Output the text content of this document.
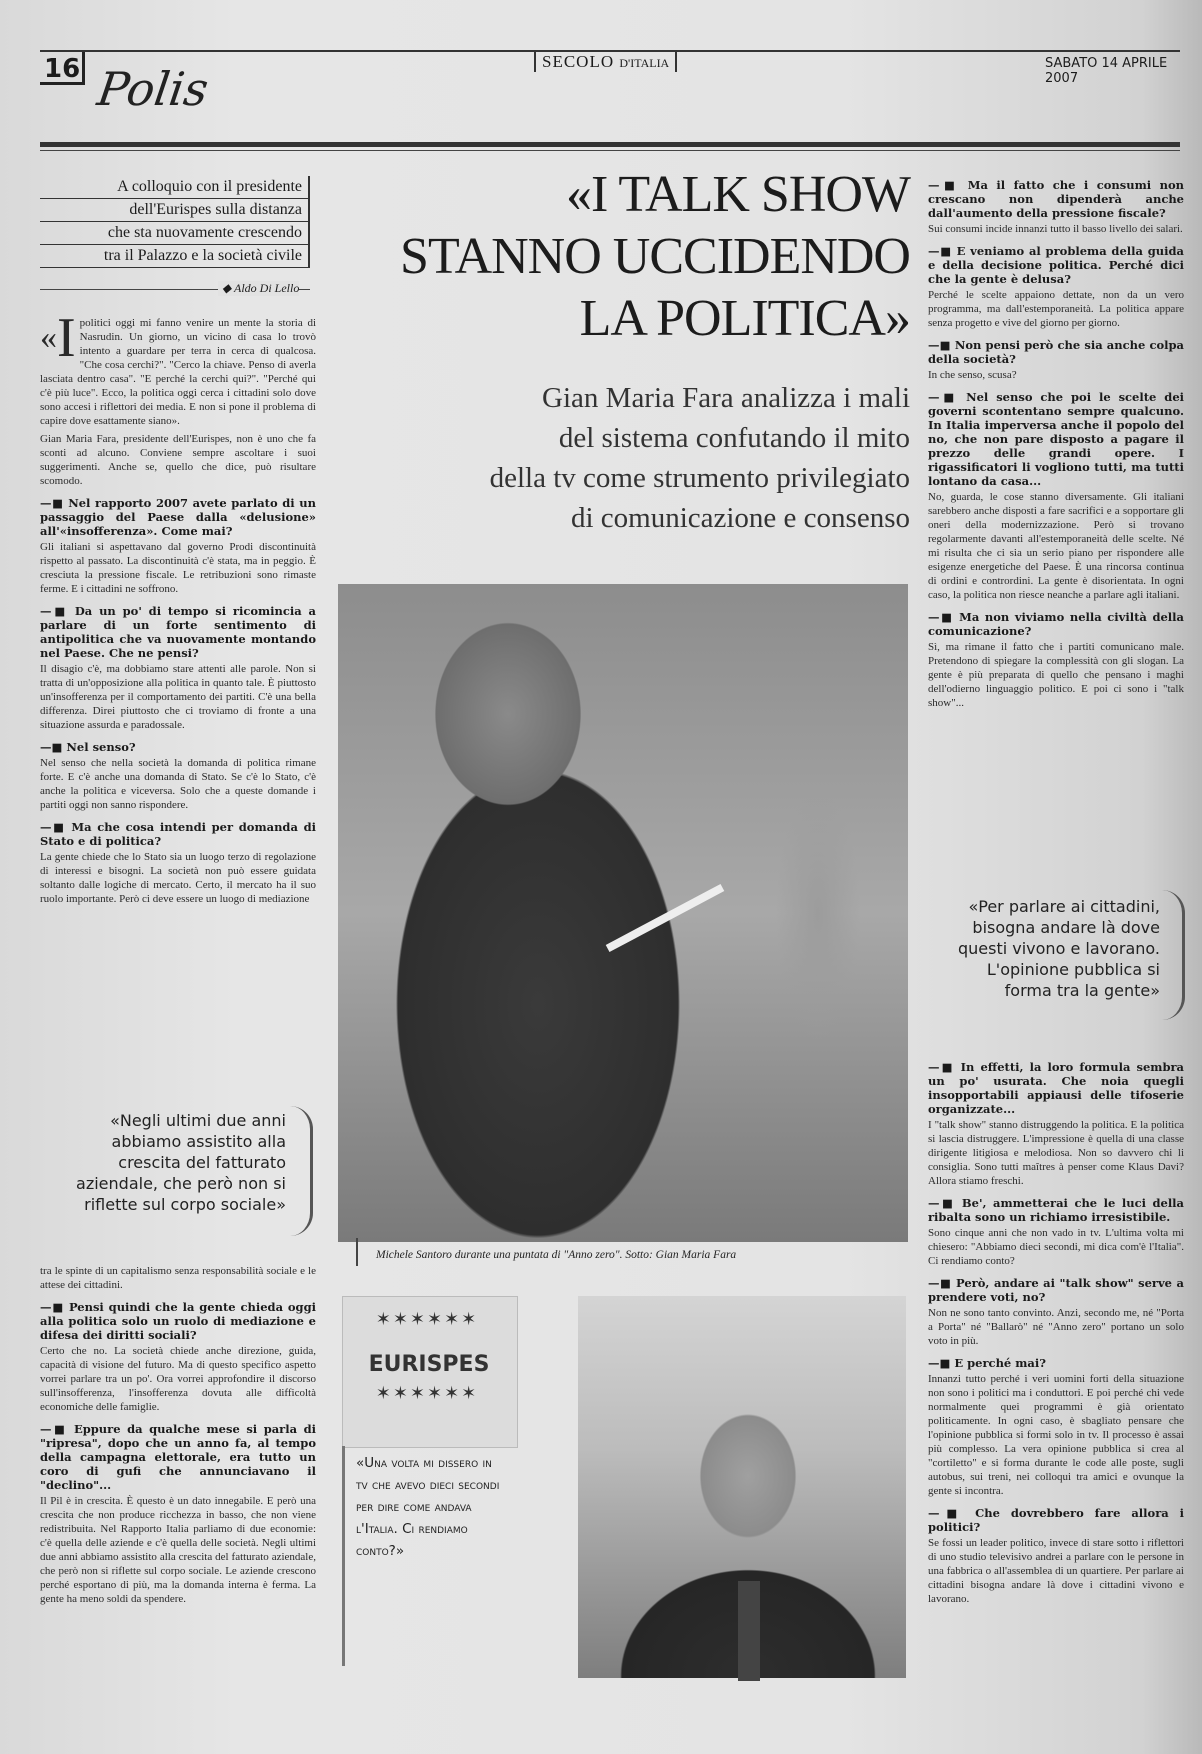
16	SECOLO D'ITALIA	SABATO 14 APRILE 2007
Polis
A colloquio con il presidente
dell'Eurispes sulla distanza
che sta nuovamente crescendo
tra il Palazzo e la società civile
◆ Aldo Di Lello
«I TALK SHOW
STANNO UCCIDENDO
LA POLITICA»
Gian Maria Fara analizza i mali
del sistema confutando il mito
della tv come strumento privilegiato
di comunicazione e consenso

«I politici oggi mi fanno venire un mente la storia di Nasrudin. Un giorno, un vicino di casa lo trovò intento a guardare per terra in cerca di qualcosa. "Che cosa cerchi?". "Cerco la chiave. Penso di averla lasciata dentro casa". "E perché la cerchi qui?". "Perché qui c'è più luce". Ecco, la politica oggi cerca i cittadini solo dove sono accesi i riflettori dei media. E non si pone il problema di capire dove esattamente siano».

Gian Maria Fara, presidente dell'Eurispes, non è uno che fa sconti ad alcuno. Conviene sempre ascoltare i suoi suggerimenti. Anche se, quello che dice, può risultare scomodo.

—■ Nel rapporto 2007 avete parlato di un passaggio del Paese dalla «delusione» all'«insofferenza». Come mai?

Gli italiani si aspettavano dal governo Prodi discontinuità rispetto al passato. La discontinuità c'è stata, ma in peggio. È cresciuta la pressione fiscale. Le retribuzioni sono rimaste ferme. E i cittadini ne soffrono.

—■ Da un po' di tempo si ricomincia a parlare di un forte sentimento di antipolitica che va nuovamente montando nel Paese. Che ne pensi?

Il disagio c'è, ma dobbiamo stare attenti alle parole. Non si tratta di un'opposizione alla politica in quanto tale. È piuttosto un'insofferenza per il comportamento dei partiti. C'è una bella differenza. Direi piuttosto che ci troviamo di fronte a una situazione assurda e paradossale.

—■ Nel senso?

Nel senso che nella società la domanda di politica rimane forte. E c'è anche una domanda di Stato. Se c'è lo Stato, c'è anche la politica e viceversa. Solo che a queste domande i partiti oggi non sanno rispondere.

—■ Ma che cosa intendi per domanda di Stato e di politica?

La gente chiede che lo Stato sia un luogo terzo di regolazione di interessi e bisogni. La società non può essere guidata soltanto dalle logiche di mercato. Certo, il mercato ha il suo ruolo importante. Però ci deve essere un luogo di mediazione

«Negli ultimi due anni abbiamo assistito alla crescita del fatturato aziendale, che però non si riflette sul corpo sociale»

tra le spinte di un capitalismo senza responsabilità sociale e le attese dei cittadini.

—■ Pensi quindi che la gente chieda oggi alla politica solo un ruolo di mediazione e difesa dei diritti sociali?

Certo che no. La società chiede anche direzione, guida, capacità di visione del futuro. Ma di questo specifico aspetto vorrei parlare tra un po'. Ora vorrei approfondire il discorso sull'insofferenza, l'insofferenza dovuta alle difficoltà economiche delle famiglie.

—■ Eppure da qualche mese si parla di "ripresa", dopo che un anno fa, al tempo della campagna elettorale, era tutto un coro di gufi che annunciavano il "declino"...

Il Pil è in crescita. È questo è un dato innegabile. E però una crescita che non produce ricchezza in basso, che non viene redistribuita. Nel Rapporto Italia parliamo di due economie: c'è quella delle aziende e c'è quella delle società. Negli ultimi due anni abbiamo assistito alla crescita del fatturato aziendale, che però non si riflette sul corpo sociale. Le aziende crescono perché esportano di più, ma la domanda interna è ferma. La gente ha meno soldi da spendere.

Michele Santoro durante una puntata di "Anno zero". Sotto: Gian Maria Fara
✶✶✶✶✶✶
EURISPES
✶✶✶✶✶✶
«Una volta mi dissero in tv che avevo dieci secondi per dire come andava l'Italia. Ci rendiamo conto?»
—■ Ma il fatto che i consumi non crescano non dipenderà anche dall'aumento della pressione fiscale?

Sui consumi incide innanzi tutto il basso livello dei salari.

—■ E veniamo al problema della guida e della decisione politica. Perché dici che la gente è delusa?

Perché le scelte appaiono dettate, non da un vero programma, ma dall'estemporaneità. La politica appare senza progetto e vive del giorno per giorno.

—■ Non pensi però che sia anche colpa della società?

In che senso, scusa?

—■ Nel senso che poi le scelte dei governi scontentano sempre qualcuno. In Italia imperversa anche il popolo del no, che non pare disposto a pagare il prezzo delle grandi opere. I rigassificatori li vogliono tutti, ma tutti lontano da casa...

No, guarda, le cose stanno diversamente. Gli italiani sarebbero anche disposti a fare sacrifici e a sopportare gli oneri della modernizzazione. Però si trovano regolarmente davanti all'estemporaneità delle scelte. Né mi risulta che ci sia un serio piano per rispondere alle esigenze energetiche del Paese. È una rincorsa continua di ordini e contrordini. La gente è disorientata. In ogni caso, la politica non riesce neanche a parlare agli italiani.

—■ Ma non viviamo nella civiltà della comunicazione?

Sì, ma rimane il fatto che i partiti comunicano male. Pretendono di spiegare la complessità con gli slogan. La gente è più preparata di quello che pensano i maghi dell'odierno linguaggio politico. E poi ci sono i "talk show"...

«Per parlare ai cittadini, bisogna andare là dove questi vivono e lavorano. L'opinione pubblica si forma tra la gente»
—■ In effetti, la loro formula sembra un po' usurata. Che noia quegli insopportabili appiausi delle tifoserie organizzate...

I "talk show" stanno distruggendo la politica. E la politica si lascia distruggere. L'impressione è quella di una classe dirigente litigiosa e melodiosa. Non so davvero chi li consiglia. Sono tutti maîtres à penser come Klaus Davi? Allora stiamo freschi.

—■ Be', ammetterai che le luci della ribalta sono un richiamo irresistibile.

Sono cinque anni che non vado in tv. L'ultima volta mi chiesero: "Abbiamo dieci secondi, mi dica com'è l'Italia". Ci rendiamo conto?

—■ Però, andare ai "talk show" serve a prendere voti, no?

Non ne sono tanto convinto. Anzi, secondo me, né "Porta a Porta" né "Ballarò" né "Anno zero" portano un solo voto in più.

—■ E perché mai?

Innanzi tutto perché i veri uomini forti della situazione non sono i politici ma i conduttori. E poi perché chi vede normalmente quei programmi è già orientato politicamente. In ogni caso, è sbagliato pensare che l'opinione pubblica si formi solo in tv. Il processo è assai più complesso. La vera opinione pubblica si crea al "cortiletto" e si forma durante le code alle poste, sugli autobus, sui treni, nei colloqui tra amici e ovunque la gente si incontra.

—■ Che dovrebbero fare allora i politici?

Se fossi un leader politico, invece di stare sotto i riflettori di uno studio televisivo andrei a parlare con le persone in una fabbrica o all'assemblea di un quartiere. Per parlare ai cittadini bisogna andare là dove i cittadini vivono e lavorano.
